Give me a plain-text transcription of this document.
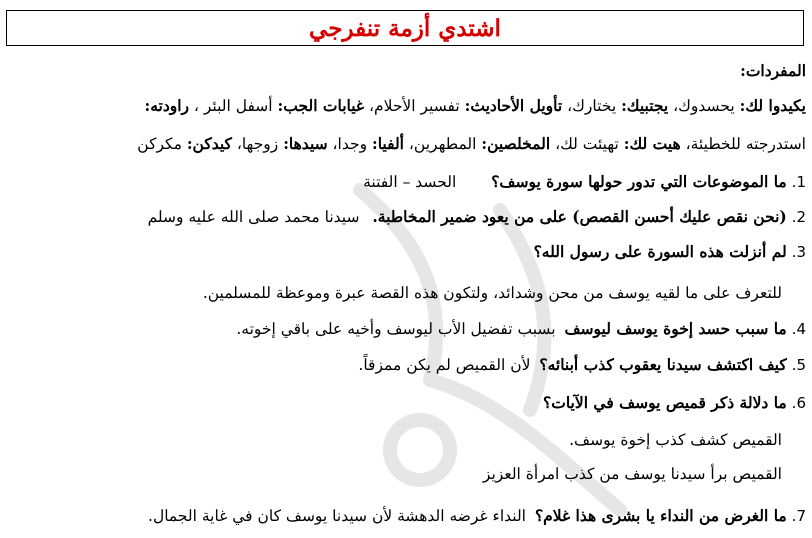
اشتدي أزمة تنفرجي
المفردات:
يكيدوا لك: يحسدوك، يجتبيك: يختارك، تأويل الأحاديث: تفسير الأحلام، غيابات الجب: أسفل البئر ، راودته:
استدرجته للخطيئة، هيت لك: تهيئت لك، المخلصين: المطهرين، ألفيا: وجدا، سيدها: زوجها، كيدكن: مكركن
1. ما الموضوعات التي تدور حولها سورة يوسف؟ الحسد – الفتنة
2. (نحن نقص عليك أحسن القصص) على من يعود ضمير المخاطبة. سيدنا محمد صلى الله عليه وسلم
3. لم أنزلت هذه السورة على رسول الله؟
للتعرف على ما لقيه يوسف من محن وشدائد، ولتكون هذه القصة عبرة وموعظة للمسلمين.
4. ما سبب حسد إخوة يوسف ليوسف بسبب تفضيل الأب ليوسف وأخيه على باقي إخوته.
5. كيف اكتشف سيدنا يعقوب كذب أبنائه؟ لأن القميص لم يكن ممزقاً.
6. ما دلالة ذكر قميص يوسف في الآيات؟
القميص كشف كذب إخوة يوسف.
القميص برأ سيدنا يوسف من كذب امرأة العزيز
7. ما الغرض من النداء يا بشرى هذا غلام؟ النداء غرضه الدهشة لأن سيدنا يوسف كان في غاية الجمال.
